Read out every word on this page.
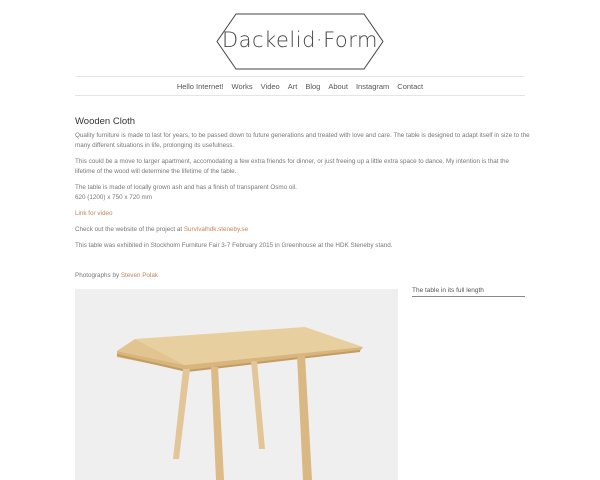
Dackelid·Form
Hello Internet! Works Video Art Blog About Instagram Contact
Wooden Cloth

Quality furniture is made to last for years, to be passed down to future generations and treated with love and care. The table is designed to adapt itself in size to the many different situations in life, prolonging its usefulness.

This could be a move to larger apartment, accomodating a few extra friends for dinner, or just freeing up a little extra space to dance. My intention is that the lifetime of the wood will determine the lifetime of the table.

The table is made of locally grown ash and has a finish of transparent Osmo oil.
620 (1200) x 750 x 720 mm

Link for video

Check out the website of the project at Survivalhdk.steneby.se

This table was exhibited in Stockholm Furniture Fair 3-7 February 2015 in Greenhouse at the HDK Steneby stand.

Photographs by Steven Polak

The table in its full length
